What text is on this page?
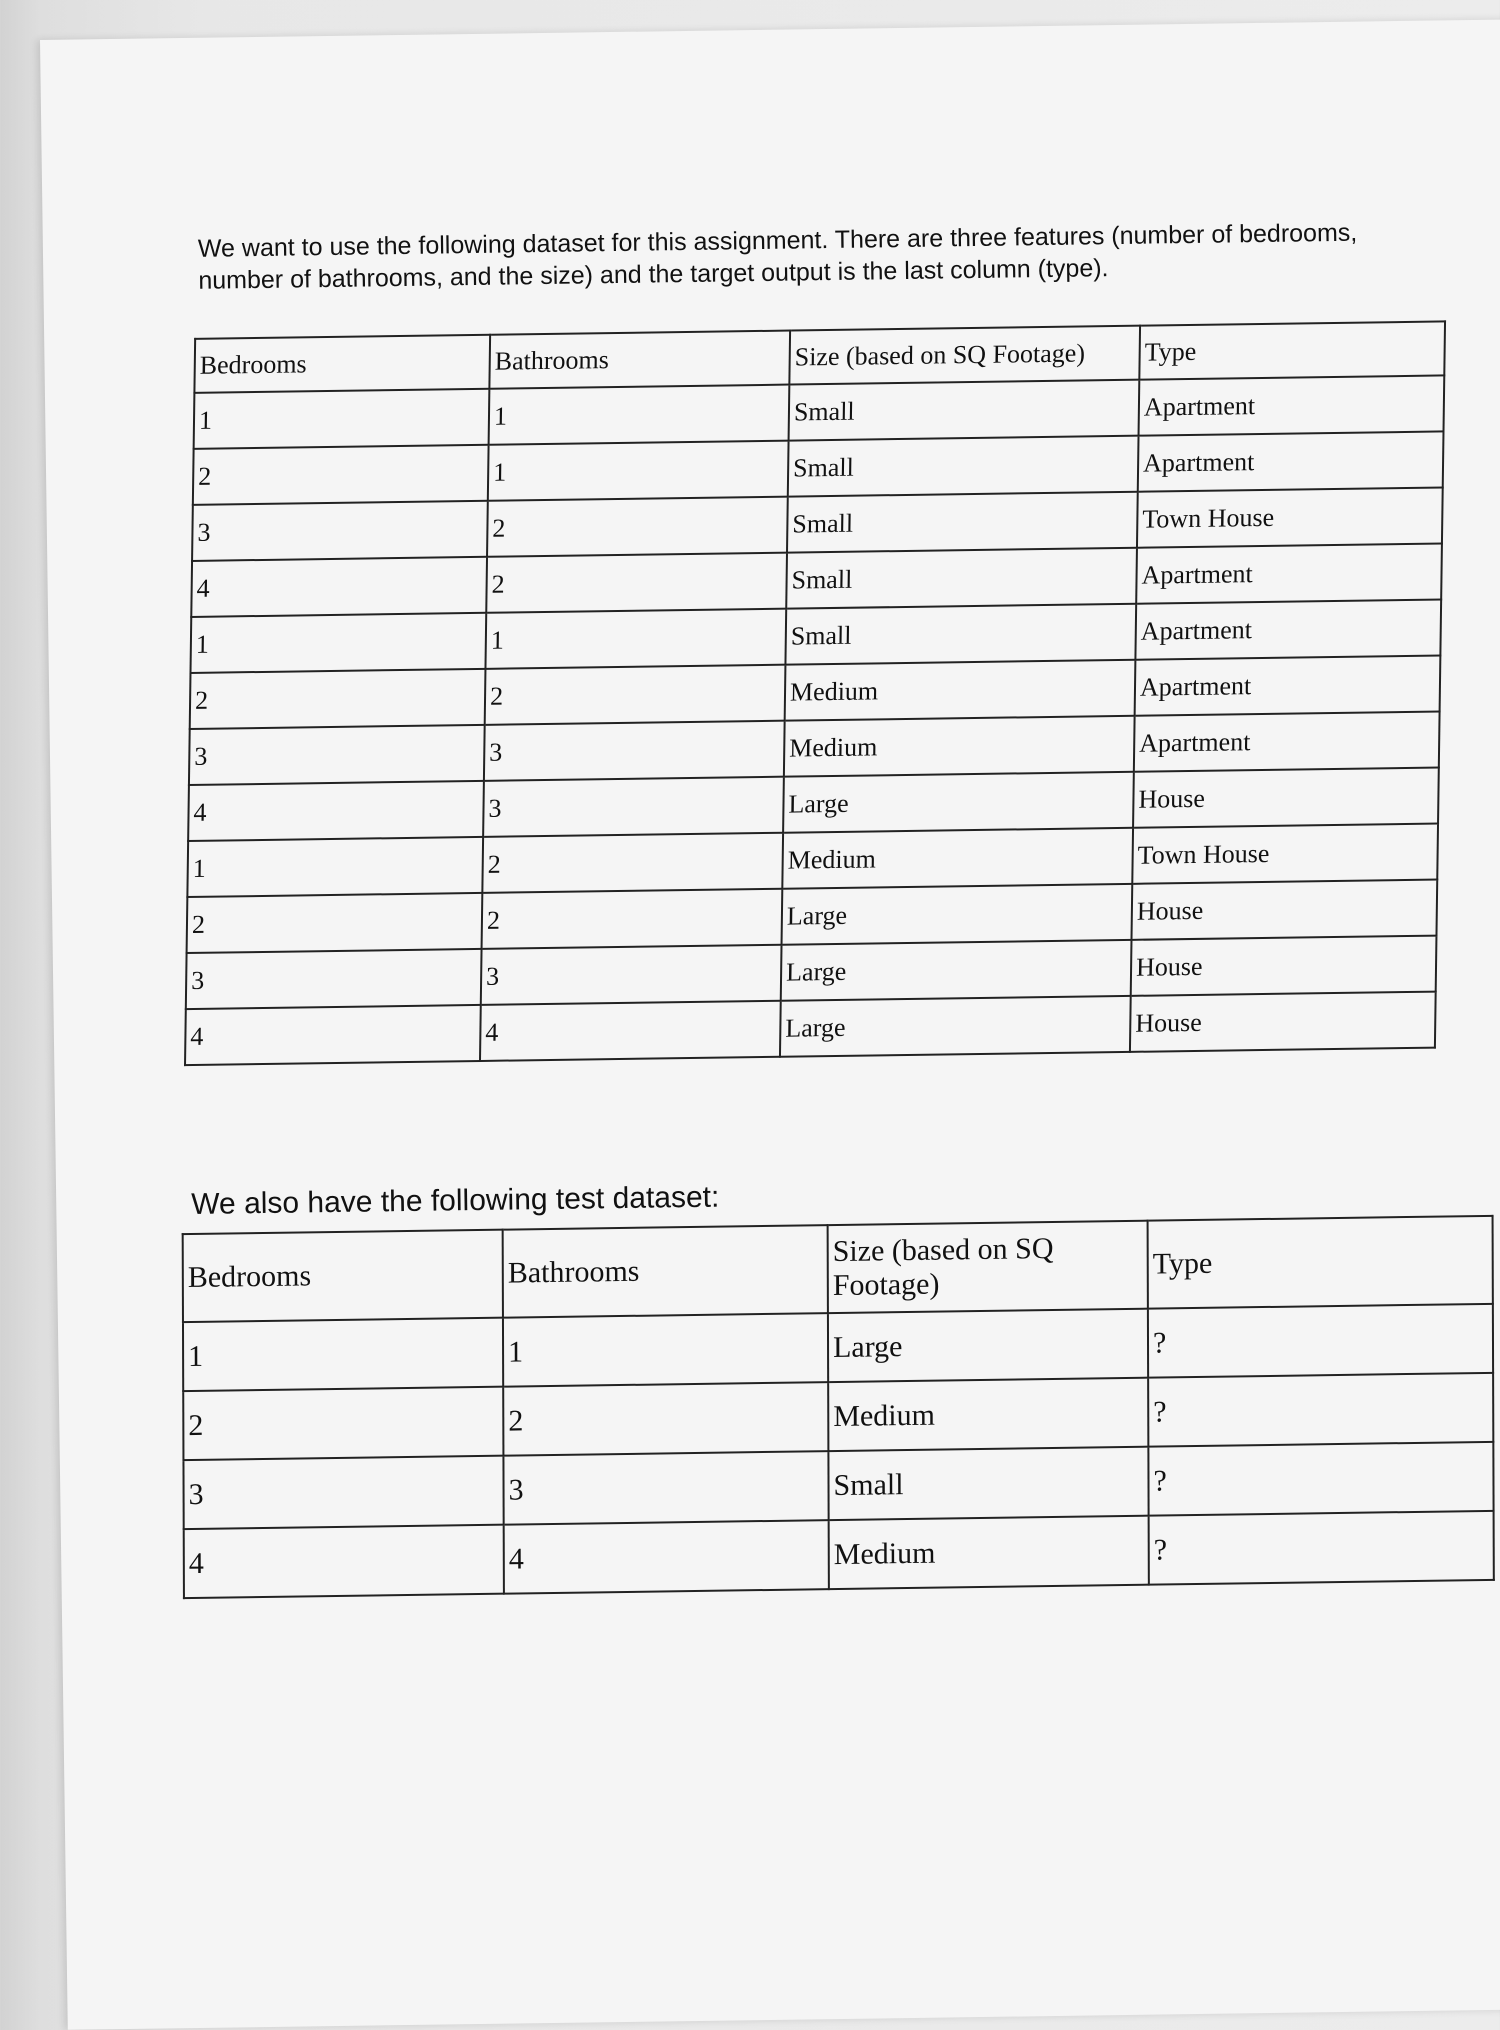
We want to use the following dataset for this assignment. There are three features (number of bedrooms, number of bathrooms, and the size) and the target output is the last column (type).
Bedrooms	Bathrooms	Size (based on SQ Footage)	Type
1	1	Small	Apartment
2	1	Small	Apartment
3	2	Small	Town House
4	2	Small	Apartment
1	1	Small	Apartment
2	2	Medium	Apartment
3	3	Medium	Apartment
4	3	Large	House
1	2	Medium	Town House
2	2	Large	House
3	3	Large	House
4	4	Large	House
We also have the following test dataset:
Bedrooms	Bathrooms	Size (based on SQ Footage)	Type
1	1	Large	?
2	2	Medium	?
3	3	Small	?
4	4	Medium	?
